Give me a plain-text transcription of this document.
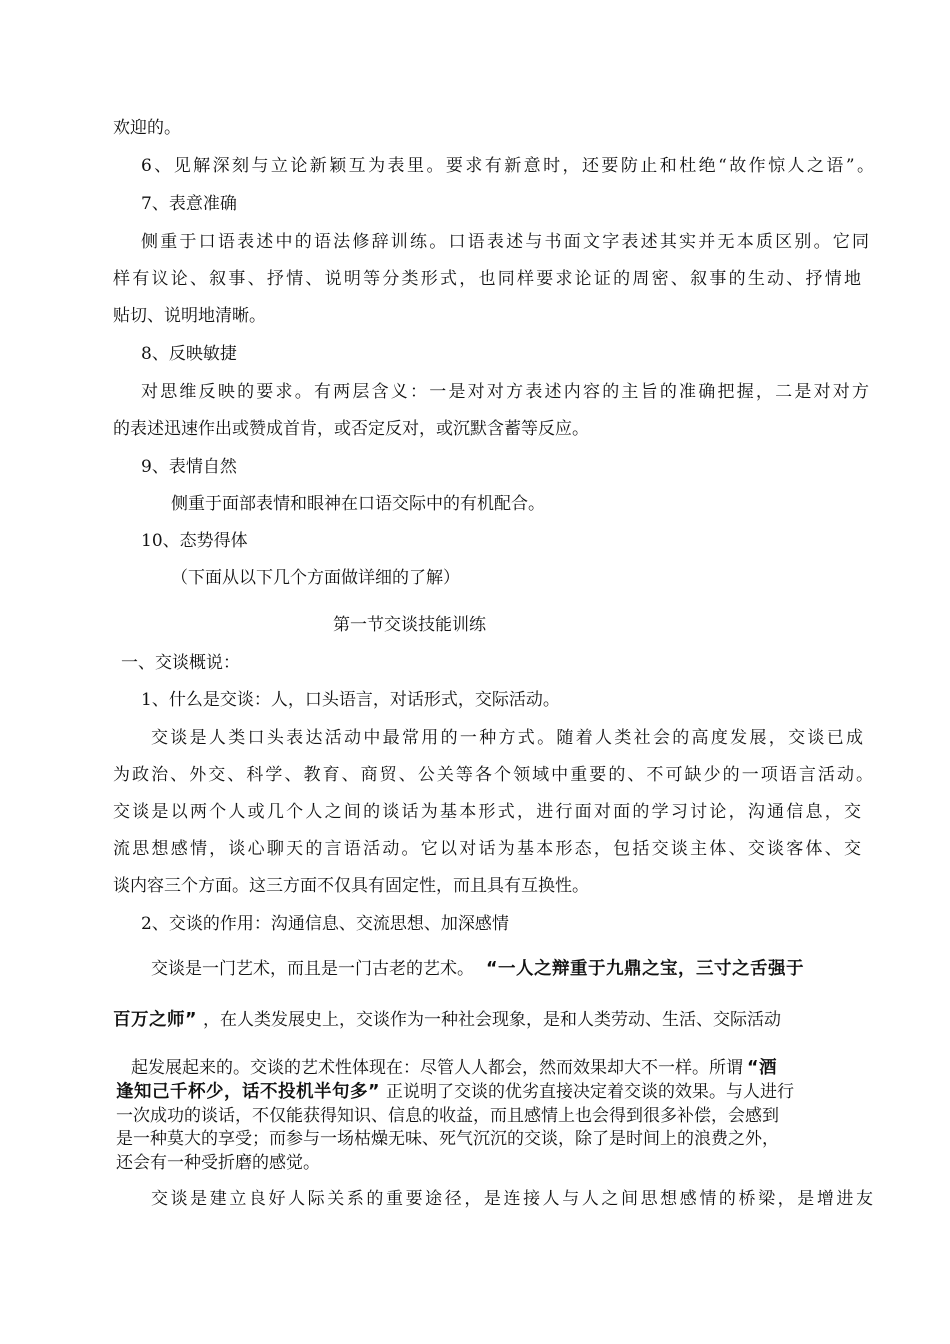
欢迎的。
6、见解深刻与立论新颖互为表里。要求有新意时，还要防止和杜绝“故作惊人之语”。
7、表意准确
侧重于口语表述中的语法修辞训练。口语表述与书面文字表述其实并无本质区别。它同
样有议论、叙事、抒情、说明等分类形式，也同样要求论证的周密、叙事的生动、抒情地
贴切、说明地清晰。
8、反映敏捷
对思维反映的要求。有两层含义：一是对对方表述内容的主旨的准确把握，二是对对方
的表述迅速作出或赞成首肯，或否定反对，或沉默含蓄等反应。
9、表情自然
侧重于面部表情和眼神在口语交际中的有机配合。
10、态势得体
（下面从以下几个方面做详细的了解）
第一节交谈技能训练
一、交谈概说：
1、什么是交谈：人，口头语言，对话形式，交际活动。
交谈是人类口头表达活动中最常用的一种方式。随着人类社会的高度发展，交谈已成
为政治、外交、科学、教育、商贸、公关等各个领域中重要的、不可缺少的一项语言活动。
交谈是以两个人或几个人之间的谈话为基本形式，进行面对面的学习讨论，沟通信息，交
流思想感情，谈心聊天的言语活动。它以对话为基本形态，包括交谈主体、交谈客体、交
谈内容三个方面。这三方面不仅具有固定性，而且具有互换性。
2、交谈的作用：沟通信息、交流思想、加深感情
交谈是一门艺术，而且是一门古老的艺术。 “一人之辩重于九鼎之宝，三寸之舌强于
百万之师” ，在人类发展史上，交谈作为一种社会现象，是和人类劳动、生活、交际活动
起发展起来的。交谈的艺术性体现在：尽管人人都会，然而效果却大不一样。所谓 “酒
逢知己千杯少，话不投机半句多” 正说明了交谈的优劣直接决定着交谈的效果。与人进行
一次成功的谈话，不仅能获得知识、信息的收益，而且感情上也会得到很多补偿，会感到
是一种莫大的享受；而参与一场枯燥无味、死气沉沉的交谈，除了是时间上的浪费之外，
还会有一种受折磨的感觉。
交谈是建立良好人际关系的重要途径，是连接人与人之间思想感情的桥梁，是增进友
